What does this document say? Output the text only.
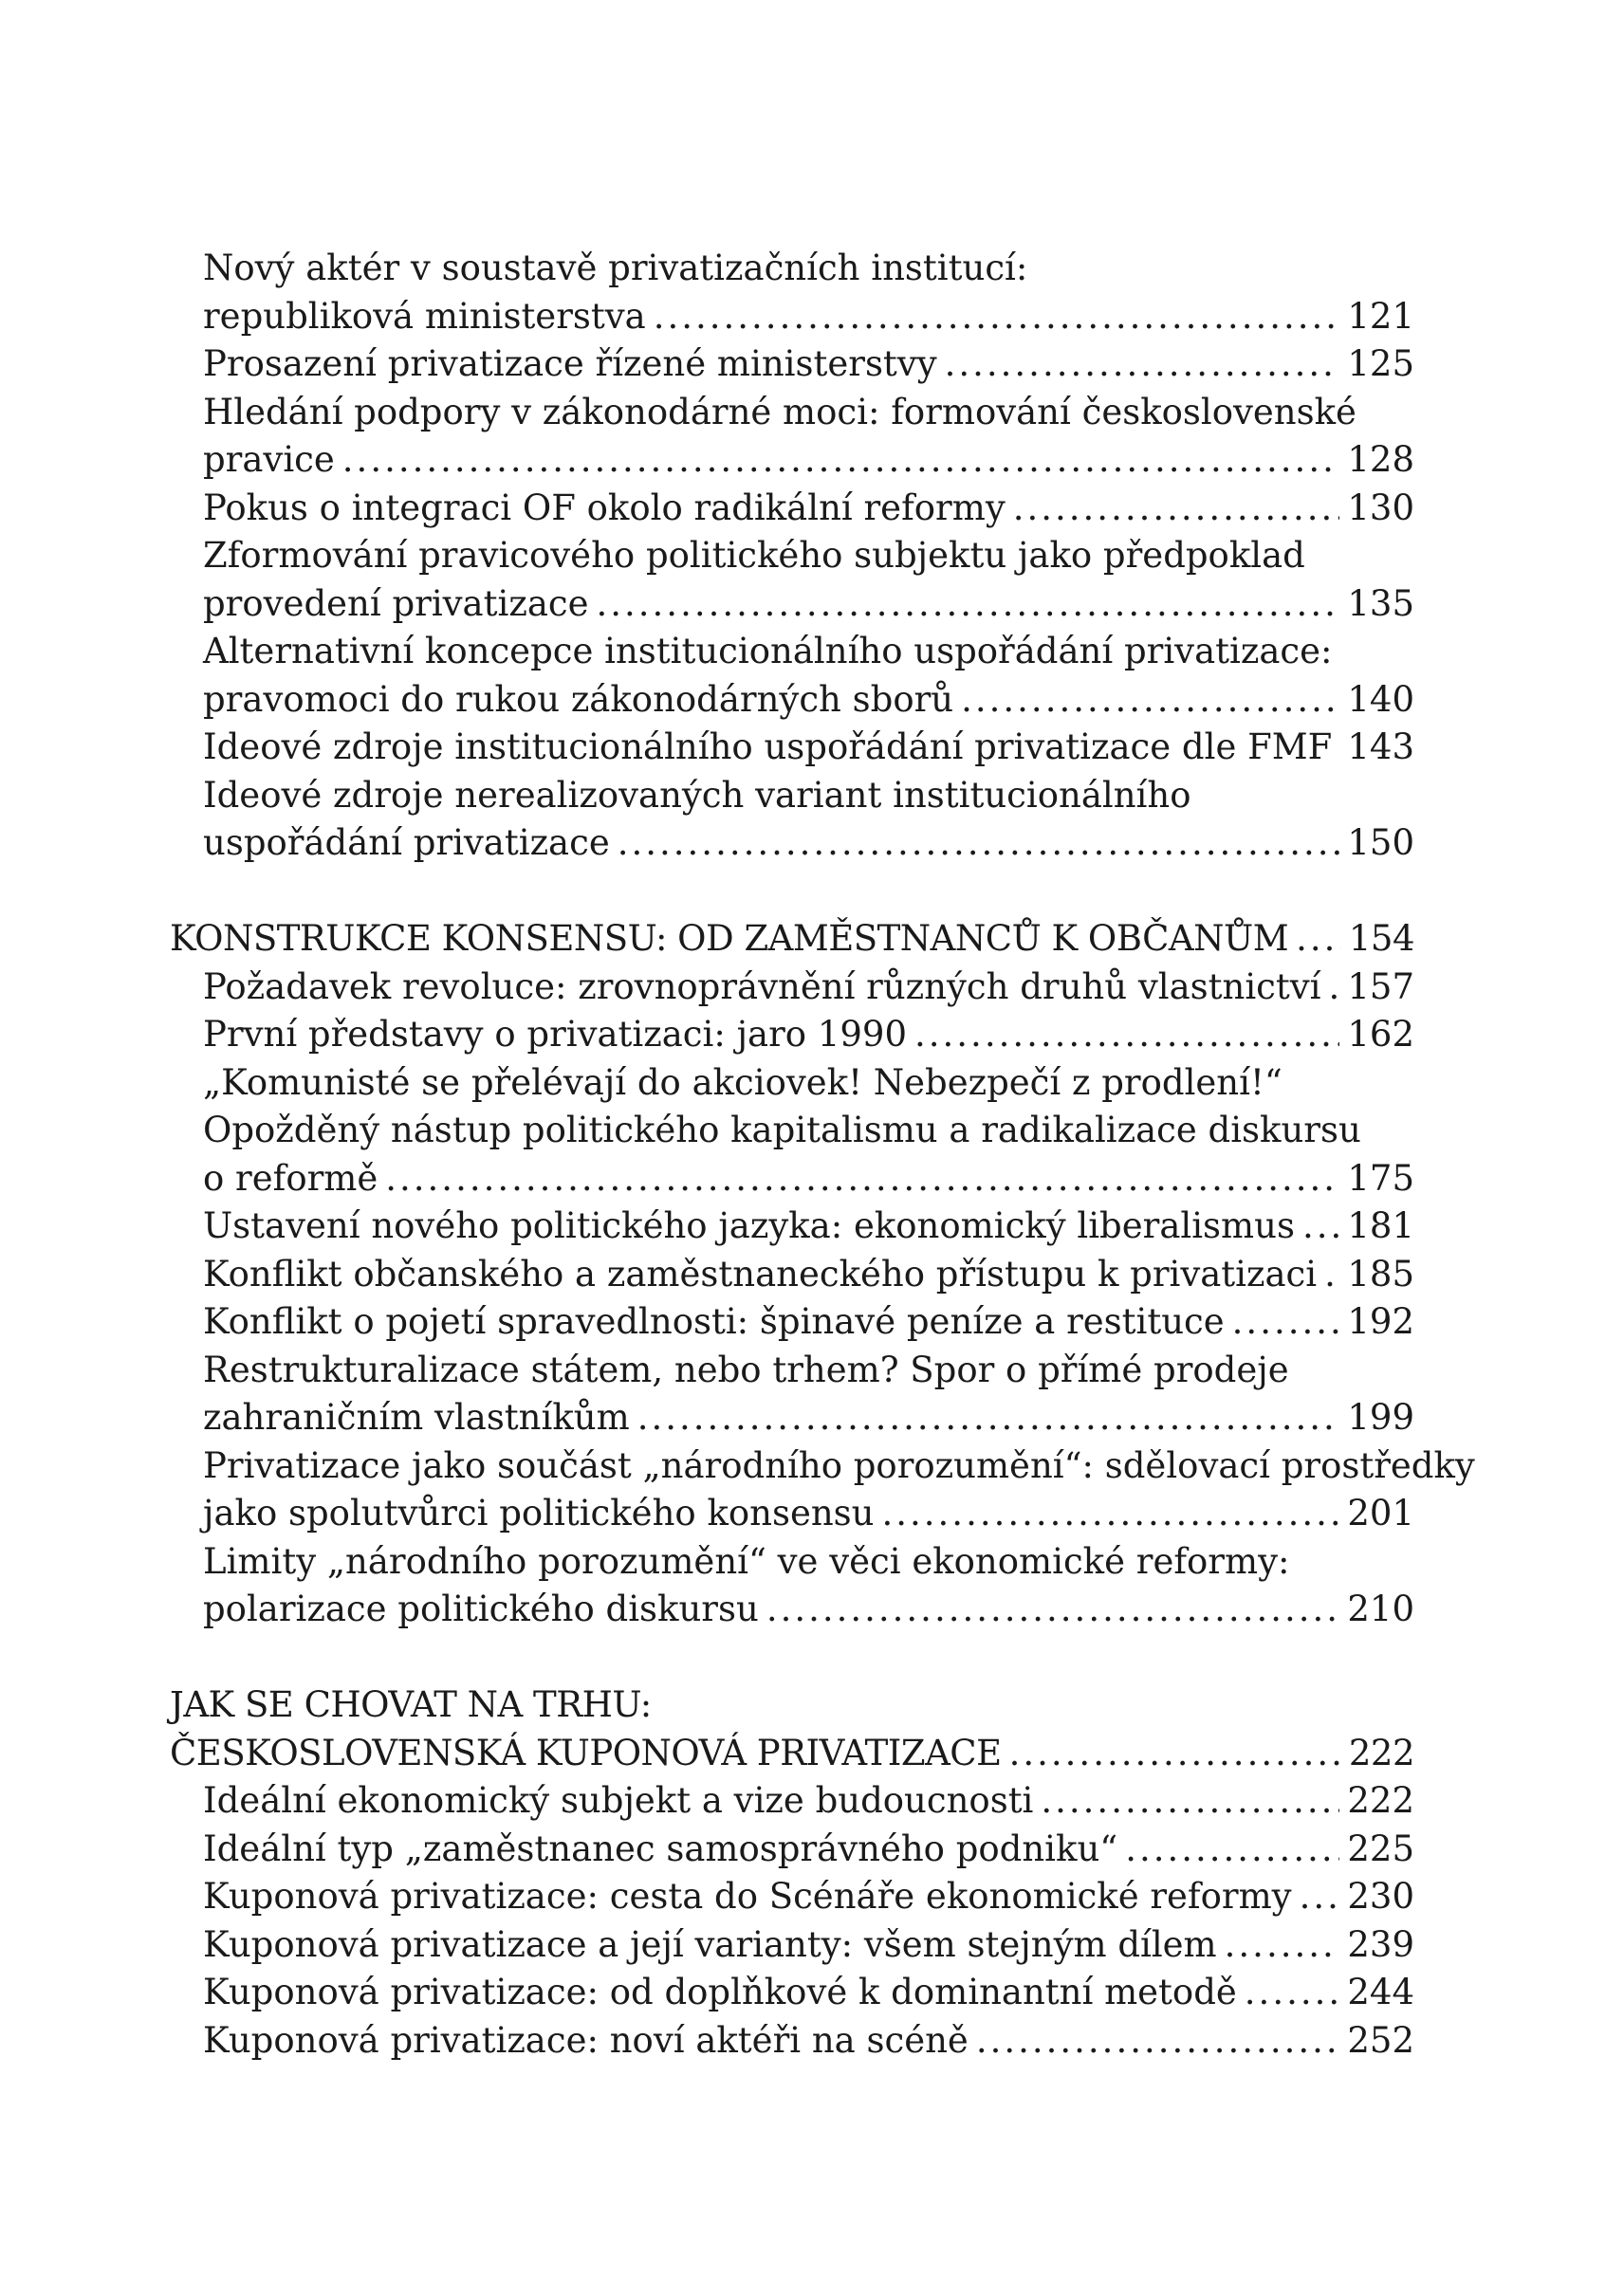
Nový aktér v soustavě privatizačních institucí:
republiková ministerstva .....	121
Prosazení privatizace řízené ministerstvy .....	125
Hledání podpory v zákonodárné moci: formování československé
pravice .....	128
Pokus o integraci OF okolo radikální reformy .....	130
Zformování pravicového politického subjektu jako předpoklad
provedení privatizace .....	135
Alternativní koncepce institucionálního uspořádání privatizace:
pravomoci do rukou zákonodárných sborů .....	140
Ideové zdroje institucionálního uspořádání privatizace dle FMF ..... 143
Ideové zdroje nerealizovaných variant institucionálního
uspořádání privatizace .....	150
KONSTRUKCE KONSENSU: OD ZAMĚSTNANCŮ K OBČANŮM ..... 154
Požadavek revoluce: zrovnoprávnění různých druhů vlastnictví ..... 157
První představy o privatizaci: jaro 1990 .....	162
„Komunisté se přelévají do akciovek! Nebezpečí z prodlení!“
Opožděný nástup politického kapitalismu a radikalizace diskursu
o reformě .....	175
Ustavení nového politického jazyka: ekonomický liberalismus ..... 181
Konflikt občanského a zaměstnaneckého přístupu k privatizaci ..... 185
Konflikt o pojetí spravedlnosti: špinavé peníze a restituce .....	192
Restrukturalizace státem, nebo trhem? Spor o přímé prodeje
zahraničním vlastníkům .....	199
Privatizace jako součást „národního porozumění“: sdělovací prostředky
jako spolutvůrci politického konsensu .....	201
Limity „národního porozumění“ ve věci ekonomické reformy:
polarizace politického diskursu .....	210
JAK SE CHOVAT NA TRHU:
ČESKOSLOVENSKÁ KUPONOVÁ PRIVATIZACE .....	222
Ideální ekonomický subjekt a vize budoucnosti .....	222
Ideální typ „zaměstnanec samosprávného podniku“ .....	225
Kuponová privatizace: cesta do Scénáře ekonomické reformy ..... 230
Kuponová privatizace a její varianty: všem stejným dílem .....	239
Kuponová privatizace: od doplňkové k dominantní metodě .....	244
Kuponová privatizace: noví aktéři na scéně .....	252
